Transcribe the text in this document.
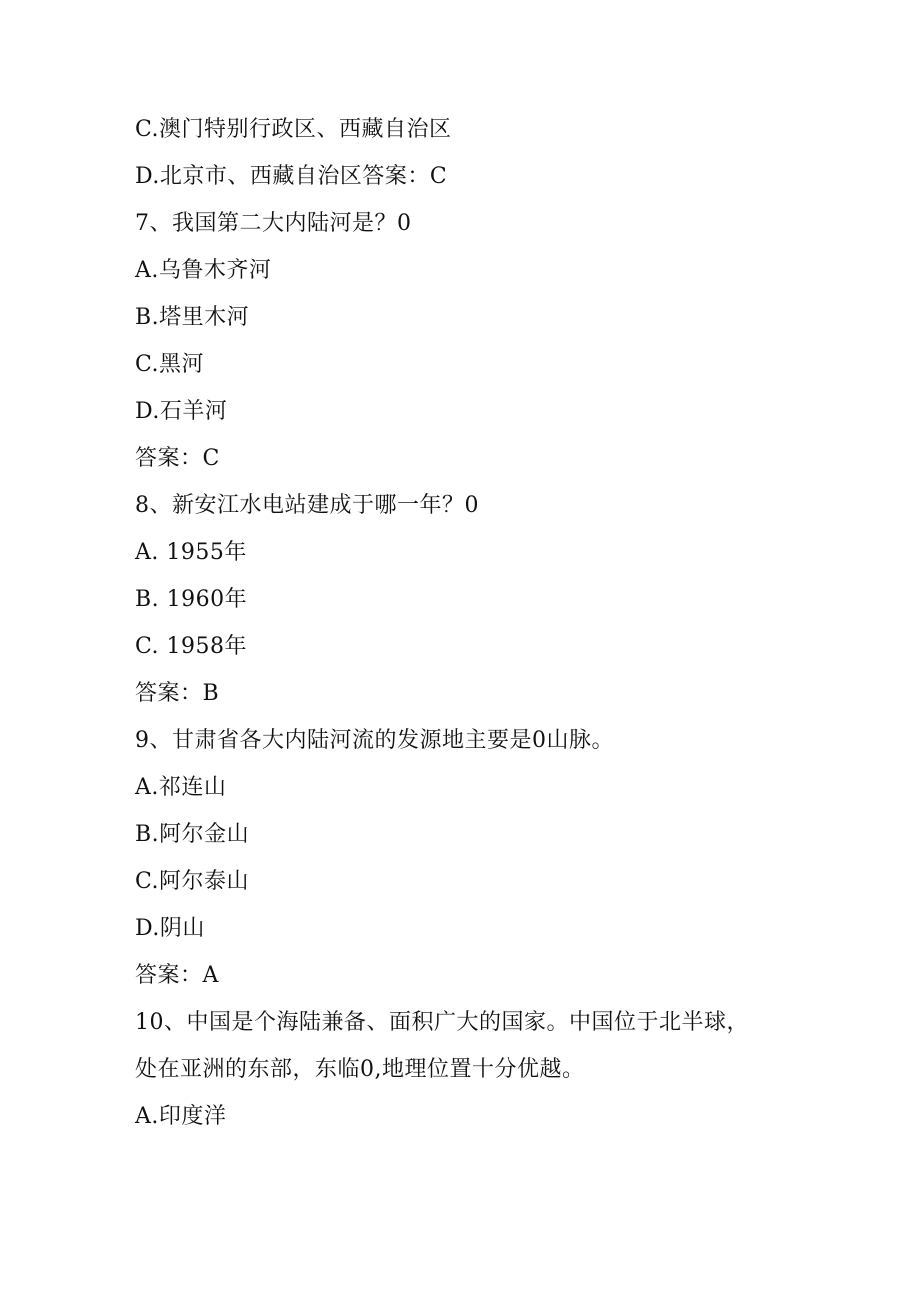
C.澳门特别行政区、西藏自治区
D.北京市、西藏自治区答案：C
7、我国第二大内陆河是？0
A.乌鲁木齐河
B.塔里木河
C.黑河
D.石羊河
答案：C
8、新安江水电站建成于哪一年？0
A. 1955年
B. 1960年
C. 1958年
答案：B
9、甘肃省各大内陆河流的发源地主要是0山脉。
A.祁连山
B.阿尔金山
C.阿尔泰山
D.阴山
答案：A
10、中国是个海陆兼备、面积广大的国家。中国位于北半球，
处在亚洲的东部，东临0,地理位置十分优越。
A.印度洋
